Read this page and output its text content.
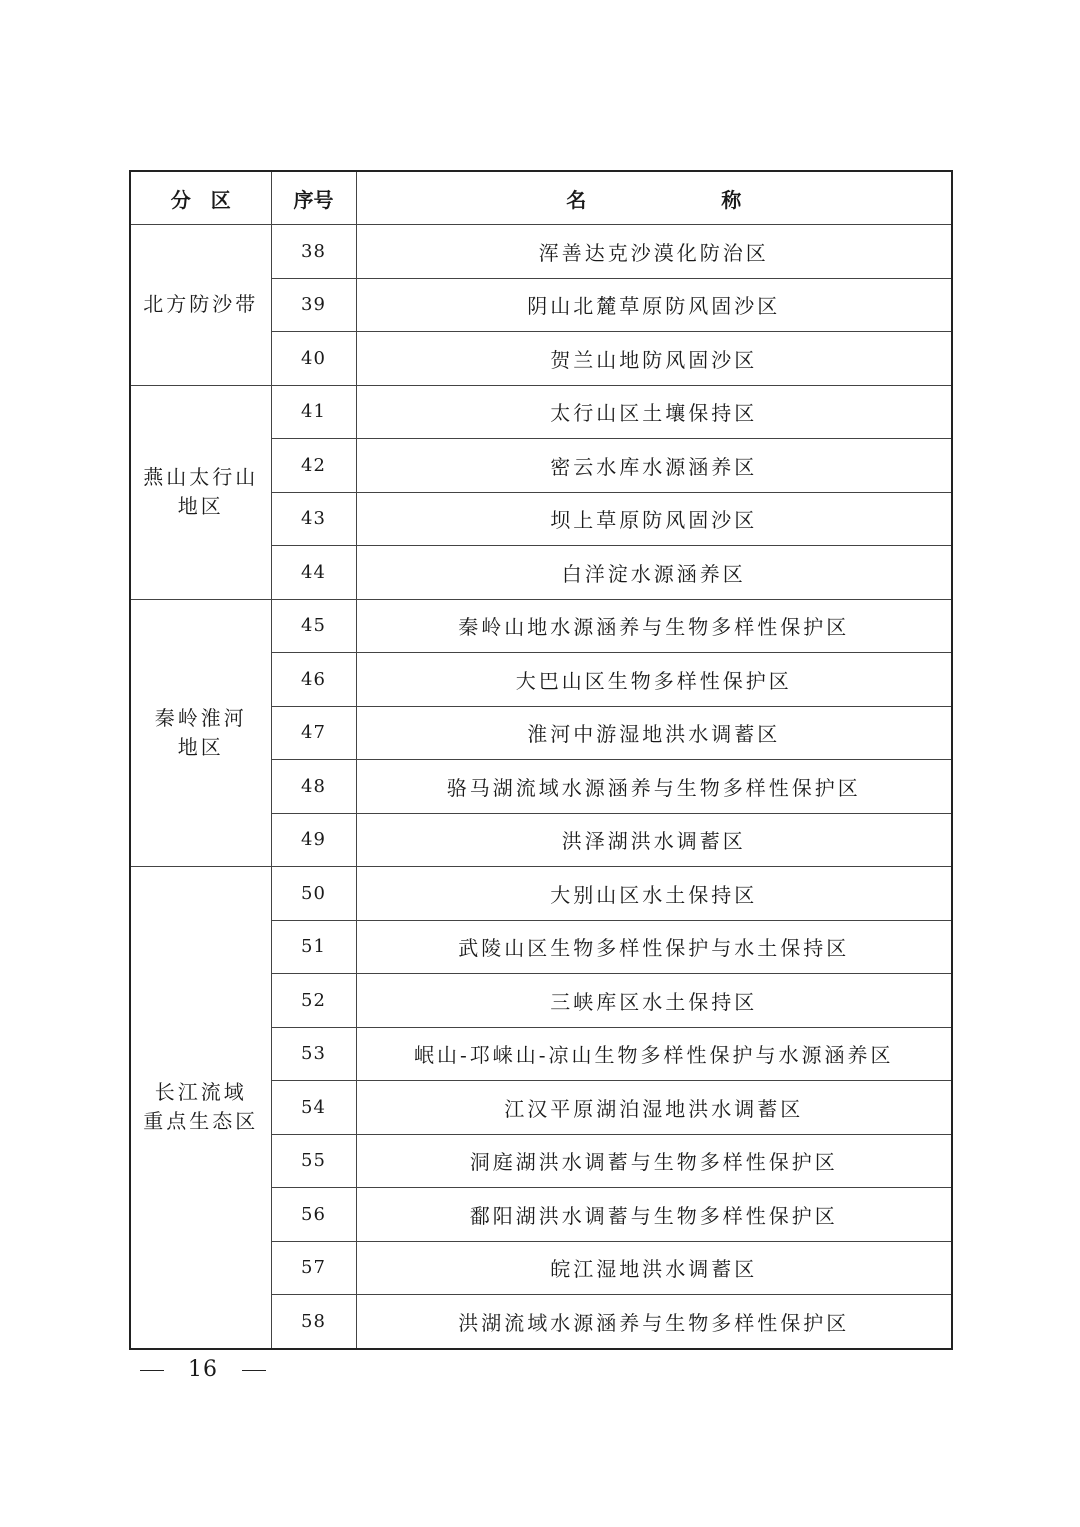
分　区	序号	名 称

北方防沙带	38	浑善达克沙漠化防治区
	39	阴山北麓草原防风固沙区
	40	贺兰山地防风固沙区

燕山太行山
地区	41	太行山区土壤保持区
	42	密云水库水源涵养区
	43	坝上草原防风固沙区
	44	白洋淀水源涵养区

秦岭淮河
地区	45	秦岭山地水源涵养与生物多样性保护区
	46	大巴山区生物多样性保护区
	47	淮河中游湿地洪水调蓄区
	48	骆马湖流域水源涵养与生物多样性保护区
	49	洪泽湖洪水调蓄区

长江流域
重点生态区	50	大别山区水土保持区
	51	武陵山区生物多样性保护与水土保持区
	52	三峡库区水土保持区
	53	岷山-邛崃山-凉山生物多样性保护与水源涵养区
	54	江汉平原湖泊湿地洪水调蓄区
	55	洞庭湖洪水调蓄与生物多样性保护区
	56	鄱阳湖洪水调蓄与生物多样性保护区
	57	皖江湿地洪水调蓄区
	58	洪湖流域水源涵养与生物多样性保护区
16
